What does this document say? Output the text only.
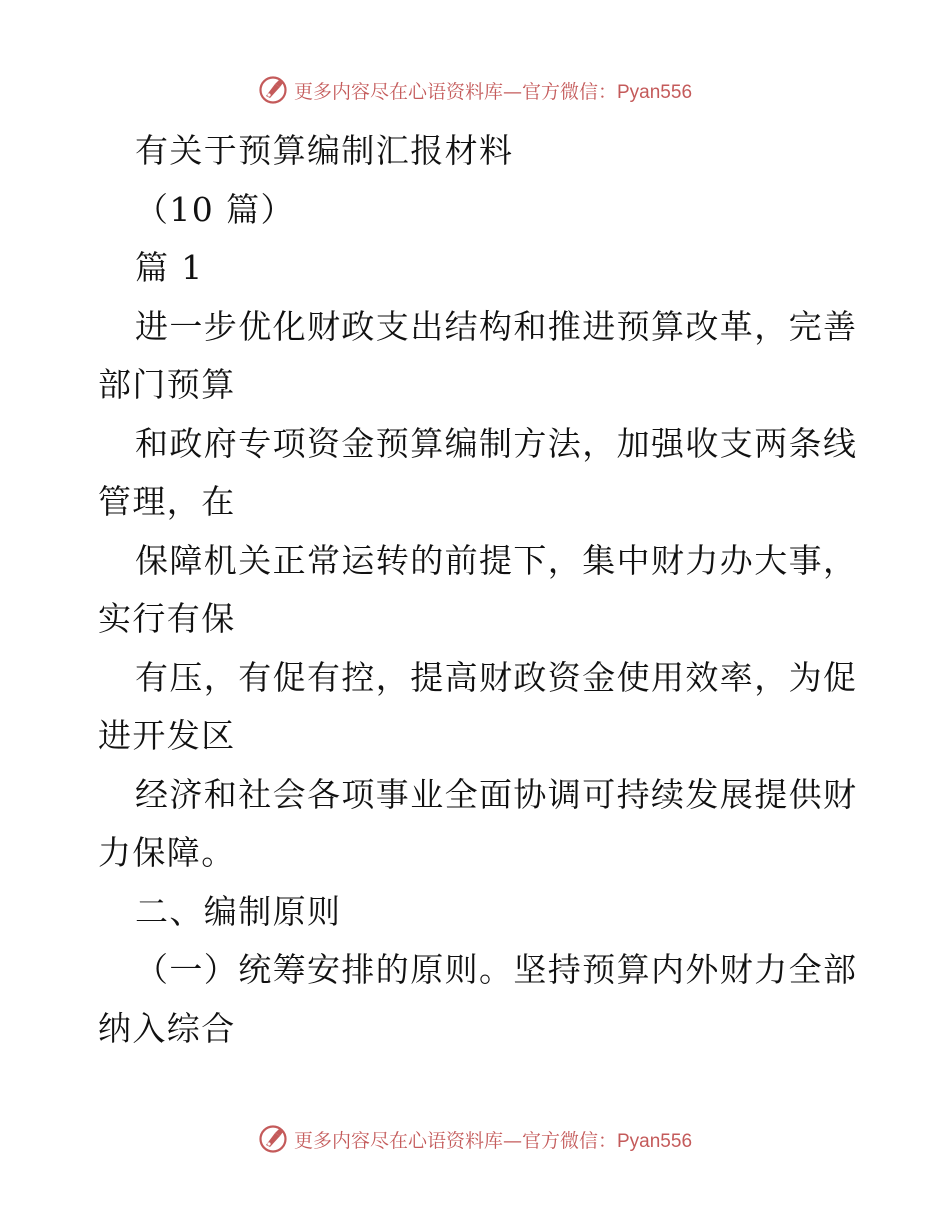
更多内容尽在心语资料库—官方微信：Pyan556
有关于预算编制汇报材料
（10 篇）
篇 1
进一步优化财政支出结构和推进预算改革，完善
部门预算
和政府专项资金预算编制方法，加强收支两条线
管理，在
保障机关正常运转的前提下，集中财力办大事，
实行有保
有压，有促有控，提高财政资金使用效率，为促
进开发区
经济和社会各项事业全面协调可持续发展提供财
力保障。
二、编制原则
（一）统筹安排的原则。坚持预算内外财力全部
纳入综合
更多内容尽在心语资料库—官方微信：Pyan556
